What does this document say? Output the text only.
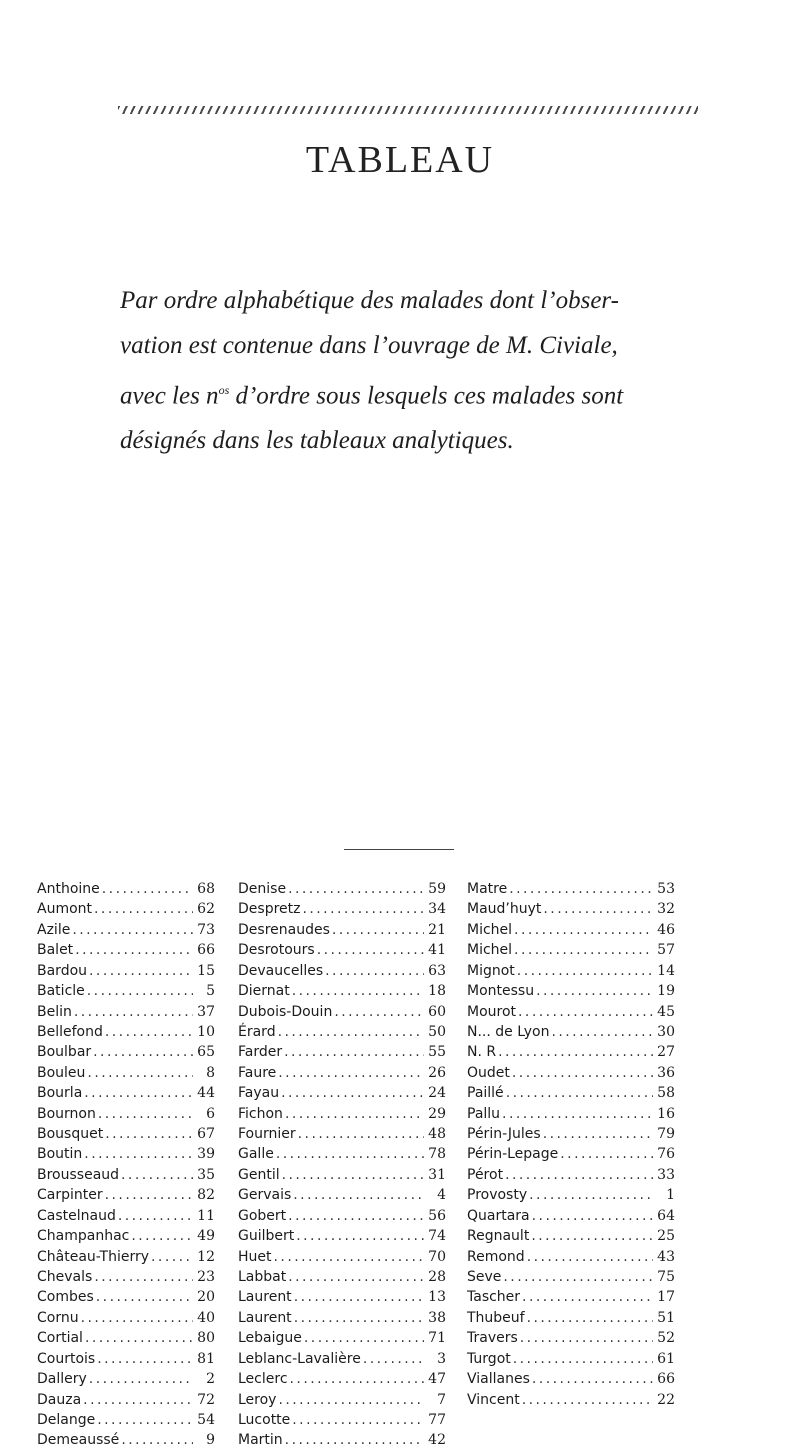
TABLEAU
Par ordre alphabétique des malades dont l’obser-
vation est contenue dans l’ouvrage de M. Civiale,
avec les $n^{os}$ d’ordre sous lesquels ces malades sont
désignés dans les tableaux analytiques.
Anthoine . . .	68
Aumont . . .	62
Azile . . .	73
Balet . . .	66
Bardou . . .	15
Baticle . . .	5
Belin . . .	37
Bellefond . . .	10
Boulbar . . .	65
Bouleu . . .	8
Bourla . . .	44
Bournon . . .	6
Bousquet . . .	67
Boutin . . .	39
Brousseaud . . .	35
Carpinter . . .	82
Castelnaud . . .	11
Champanhac . . .	49
Château-Thierry . . .	12
Chevals . . .	23
Combes . . .	20
Cornu . . .	40
Cortial . . .	80
Courtois . . .	81
Dallery . . .	2
Dauza . . .	72
Delange . . .	54
Demeaussé . . .	9
Denise . . .	59
Despretz . . .	34
Desrenaudes . . .	21
Desrotours . . .	41
Devaucelles . . .	63
Diernat . . .	18
Dubois-Douin . . .	60
Érard . . .	50
Farder . . .	55
Faure . . .	26
Fayau . . .	24
Fichon . . .	29
Fournier . . .	48
Galle . . .	78
Gentil . . .	31
Gervais . . .	4
Gobert . . .	56
Guilbert . . .	74
Huet . . .	70
Labbat . . .	28
Laurent . . .	13
Laurent . . .	38
Lebaigue . . .	71
Leblanc-Lavalière . . .	3
Leclerc . . .	47
Leroy . . .	7
Lucotte . . .	77
Martin . . .	42
Matre . . .	53
Maud’huyt . . .	32
Michel . . .	46
Michel . . .	57
Mignot . . .	14
Montessu . . .	19
Mourot . . .	45
N... de Lyon . . .	30
N. R . . .	27
Oudet . . .	36
Paillé . . .	58
Pallu . . .	16
Périn-Jules . . .	79
Périn-Lepage . . .	76
Pérot . . .	33
Provosty . . .	1
Quartara . . .	64
Regnault . . .	25
Remond . . .	43
Seve . . .	75
Tascher . . .	17
Thubeuf . . .	51
Travers . . .	52
Turgot . . .	61
Viallanes . . .	66
Vincent . . .	22
